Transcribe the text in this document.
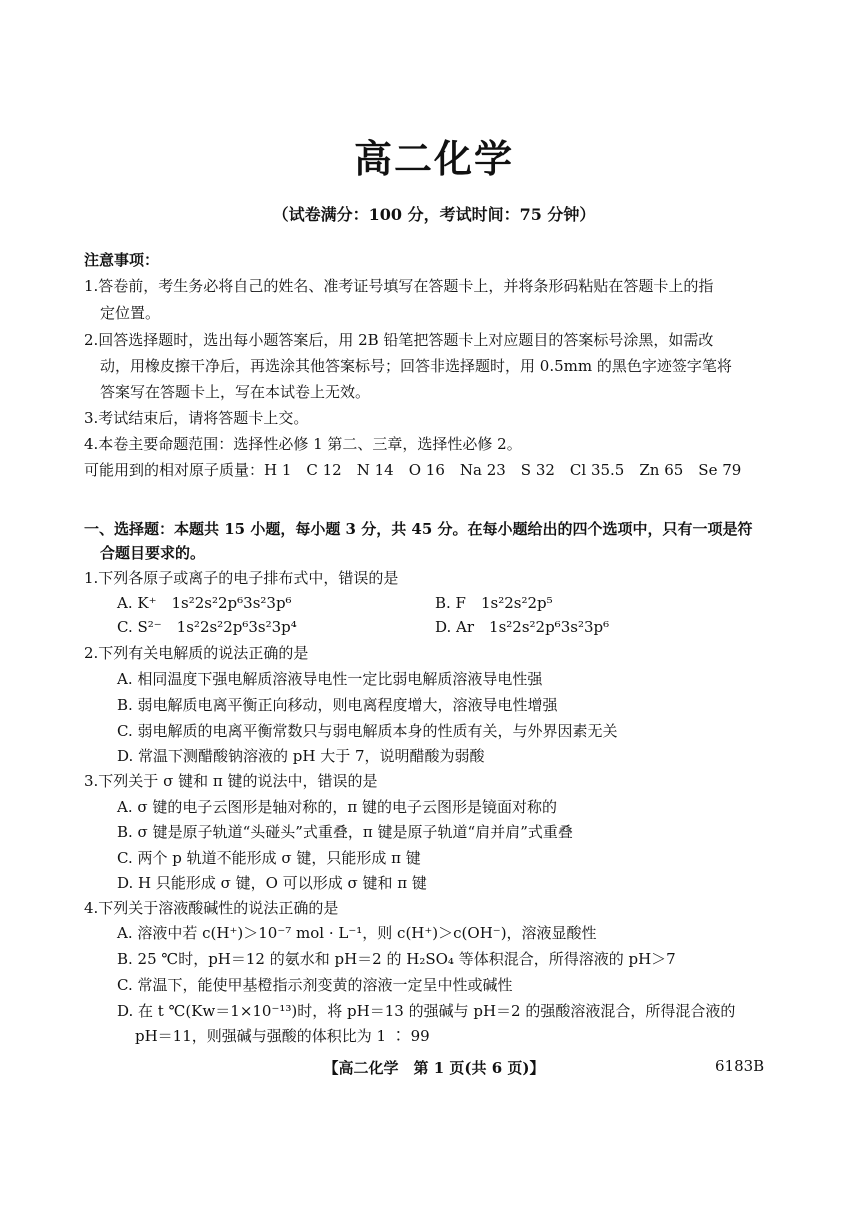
高二化学
（试卷满分：100 分，考试时间：75 分钟）
注意事项：
1.答卷前，考生务必将自己的姓名、准考证号填写在答题卡上，并将条形码粘贴在答题卡上的指
定位置。
2.回答选择题时，选出每小题答案后，用 2B 铅笔把答题卡上对应题目的答案标号涂黑，如需改
动，用橡皮擦干净后，再选涂其他答案标号；回答非选择题时，用 0.5mm 的黑色字迹签字笔将
答案写在答题卡上，写在本试卷上无效。
3.考试结束后，请将答题卡上交。
4.本卷主要命题范围：选择性必修 1 第二、三章，选择性必修 2。
可能用到的相对原子质量：H 1　C 12　N 14　O 16　Na 23　S 32　Cl 35.5　Zn 65　Se 79
一、选择题：本题共 15 小题，每小题 3 分，共 45 分。在每小题给出的四个选项中，只有一项是符
合题目要求的。
1.下列各原子或离子的电子排布式中，错误的是
A. K⁺　1s²2s²2p⁶3s²3p⁶	B. F　1s²2s²2p⁵
C. S²⁻　1s²2s²2p⁶3s²3p⁴	D. Ar　1s²2s²2p⁶3s²3p⁶
2.下列有关电解质的说法正确的是
A. 相同温度下强电解质溶液导电性一定比弱电解质溶液导电性强
B. 弱电解质电离平衡正向移动，则电离程度增大，溶液导电性增强
C. 弱电解质的电离平衡常数只与弱电解质本身的性质有关，与外界因素无关
D. 常温下测醋酸钠溶液的 pH 大于 7，说明醋酸为弱酸
3.下列关于 σ 键和 π 键的说法中，错误的是
A. σ 键的电子云图形是轴对称的，π 键的电子云图形是镜面对称的
B. σ 键是原子轨道“头碰头”式重叠，π 键是原子轨道“肩并肩”式重叠
C. 两个 p 轨道不能形成 σ 键，只能形成 π 键
D. H 只能形成 σ 键，O 可以形成 σ 键和 π 键
4.下列关于溶液酸碱性的说法正确的是
A. 溶液中若 c(H⁺)＞10⁻⁷ mol · L⁻¹，则 c(H⁺)＞c(OH⁻)，溶液显酸性
B. 25 ℃时，pH＝12 的氨水和 pH＝2 的 H₂SO₄ 等体积混合，所得溶液的 pH＞7
C. 常温下，能使甲基橙指示剂变黄的溶液一定呈中性或碱性
D. 在 t ℃(Kw＝1×10⁻¹³)时，将 pH＝13 的强碱与 pH＝2 的强酸溶液混合，所得混合液的
pH＝11，则强碱与强酸的体积比为 1 ∶ 99
【高二化学　第 1 页(共 6 页)】	6183B
